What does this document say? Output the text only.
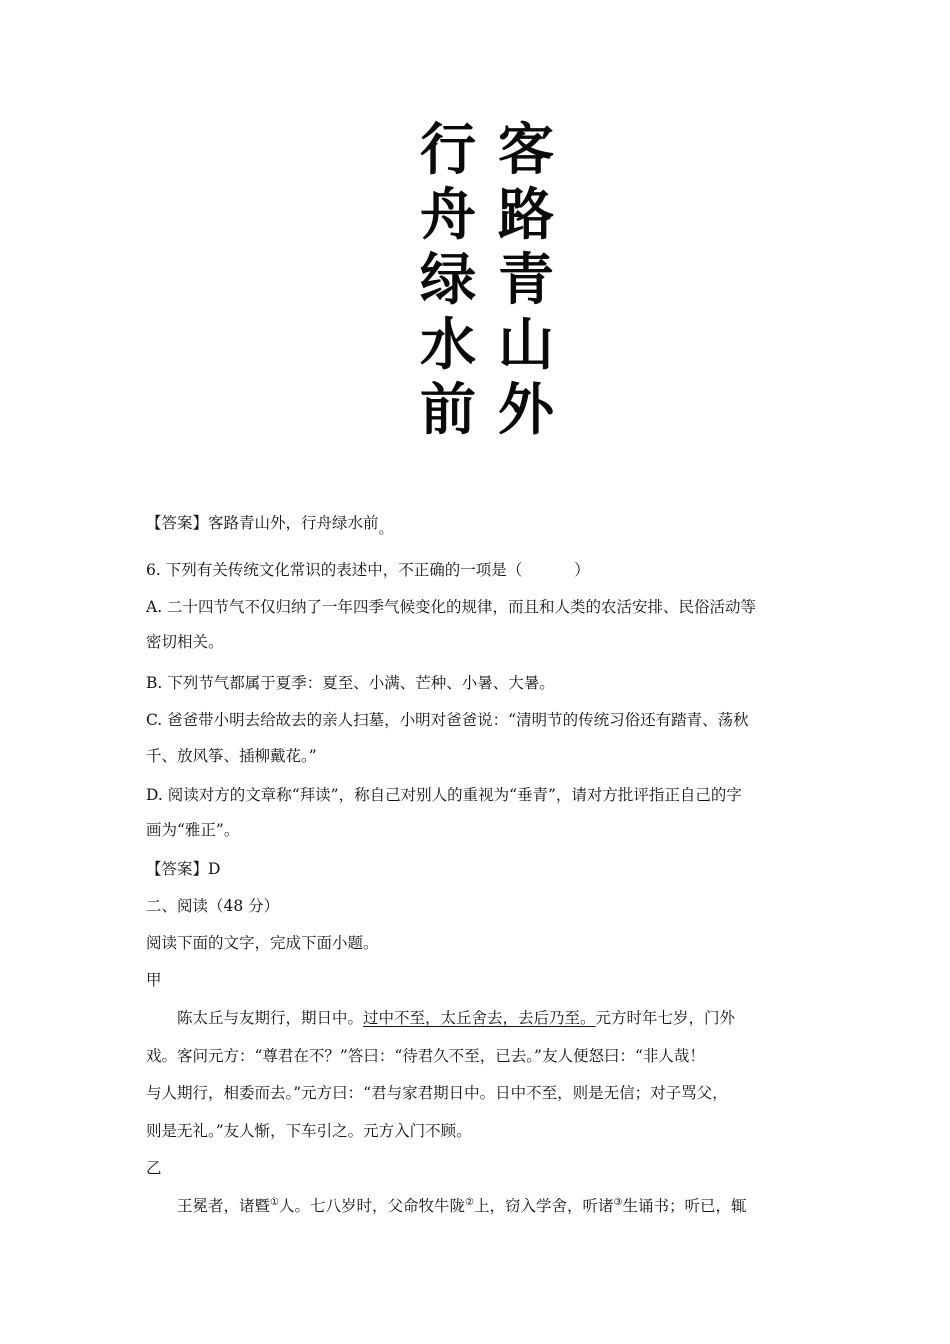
客
路
青
山
外
行
舟
绿
水
前
【答案】客路青山外，行舟绿水前。
6. 下列有关传统文化常识的表述中，不正确的一项是（	）
A. 二十四节气不仅归纳了一年四季气候变化的规律，而且和人类的农活安排、民俗活动等
密切相关。
B. 下列节气都属于夏季：夏至、小满、芒种、小暑、大暑。
C. 爸爸带小明去给故去的亲人扫墓，小明对爸爸说：“清明节的传统习俗还有踏青、荡秋
千、放风筝、插柳戴花。”
D. 阅读对方的文章称“拜读”，称自己对别人的重视为“垂青”，请对方批评指正自己的字
画为“雅正”。
【答案】D
二、阅读（48 分）
阅读下面的文字，完成下面小题。
甲
陈太丘与友期行，期日中。过中不至，太丘舍去，去后乃至。元方时年七岁，门外
戏。客问元方：“尊君在不？”答曰：“待君久不至，已去。”友人便怒曰：“非人哉！
与人期行，相委而去。”元方曰：“君与家君期日中。日中不至，则是无信；对子骂父，
则是无礼。”友人惭，下车引之。元方入门不顾。
乙
王冕者，诸暨①人。七八岁时，父命牧牛陇②上，窃入学舍，听诸③生诵书；听已，辄
